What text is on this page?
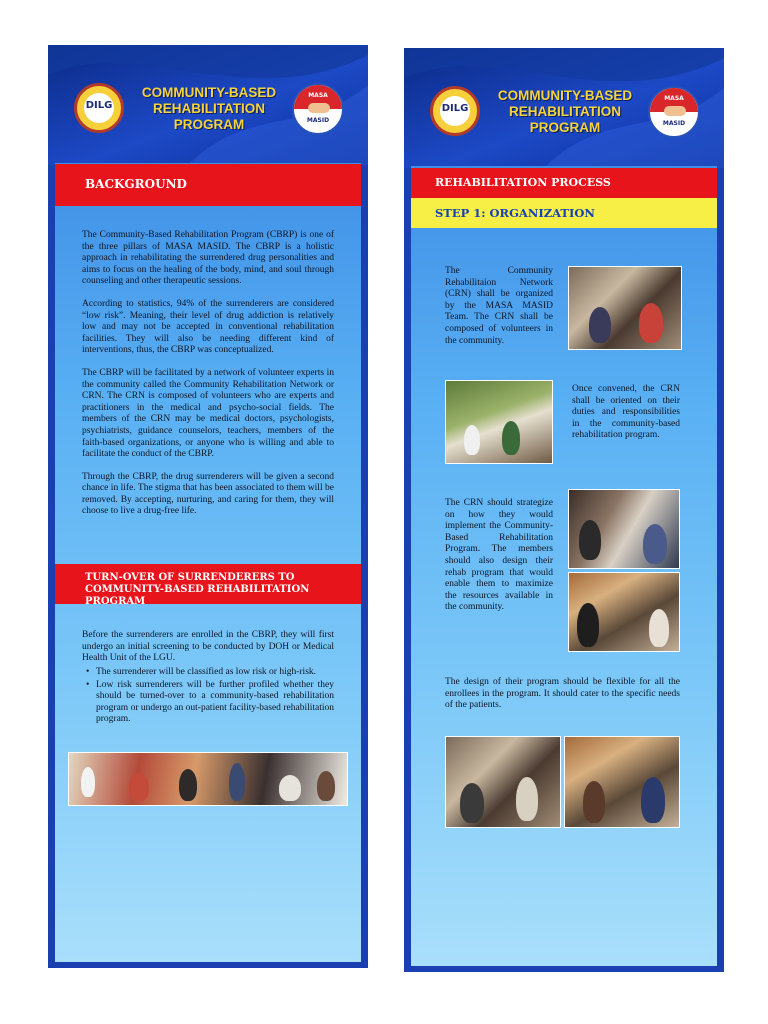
DILG
COMMUNITY-BASED
REHABILITATION
PROGRAM
MASA
MASID
BACKGROUND

The Community-Based Rehabilitation Program (CBRP) is one of the three pillars of MASA MASID. The CBRP is a holistic approach in rehabilitating the surrendered drug personalities and aims to focus on the healing of the body, mind, and soul through counseling and other therapeutic sessions.

According to statistics, 94% of the surrenderers are considered “low risk”. Meaning, their level of drug addiction is relatively low and may not be accepted in conventional rehabilitation facilities. They will also be needing different kind of interventions, thus, the CBRP was conceptualized.

The CBRP will be facilitated by a network of volunteer experts in the community called the Community Rehabilitation Network or CRN. The CRN is composed of volunteers who are experts and practitioners in the medical and psycho-social fields. The members of the CRN may be medical doctors, psychologists, psychiatrists, guidance counselors, teachers, members of the faith-based organizations, or anyone who is willing and able to facilitate the conduct of the CBRP.

Through the CBRP, the drug surrenderers will be given a second chance in life. The stigma that has been associated to them will be removed. By accepting, nurturing, and caring for them, they will choose to live a drug-free life.

TURN-OVER OF SURRENDERERS TO
COMMUNITY-BASED REHABILITATION PROGRAM
Before the surrenderers are enrolled in the CBRP, they will first undergo an initial screening to be conducted by DOH or Medical Health Unit of the LGU.
• The surrenderer will be classified as low risk or high-risk.
• Low risk surrenderers will be further profiled whether they should be turned-over to a community-based rehabilitation program or undergo an out-patient facility-based rehabilitation program.
DILG
COMMUNITY-BASED
REHABILITATION
PROGRAM
MASA
MASID
REHABILITATION PROCESS
STEP 1: ORGANIZATION
The Community Rehabilitaion Network (CRN) shall be organized by the MASA MASID Team. The CRN shall be composed of volunteers in the community.
Once convened, the CRN shall be oriented on their duties and responsibilities in the community-based rehabilitation program.
The CRN should strategize on how they would implement the Community-Based Rehabilitation Program. The members should also design their rehab program that would enable them to maximize the resources available in the community.
The design of their program should be flexible for all the enrollees in the program. It should cater to the specific needs of the patients.
